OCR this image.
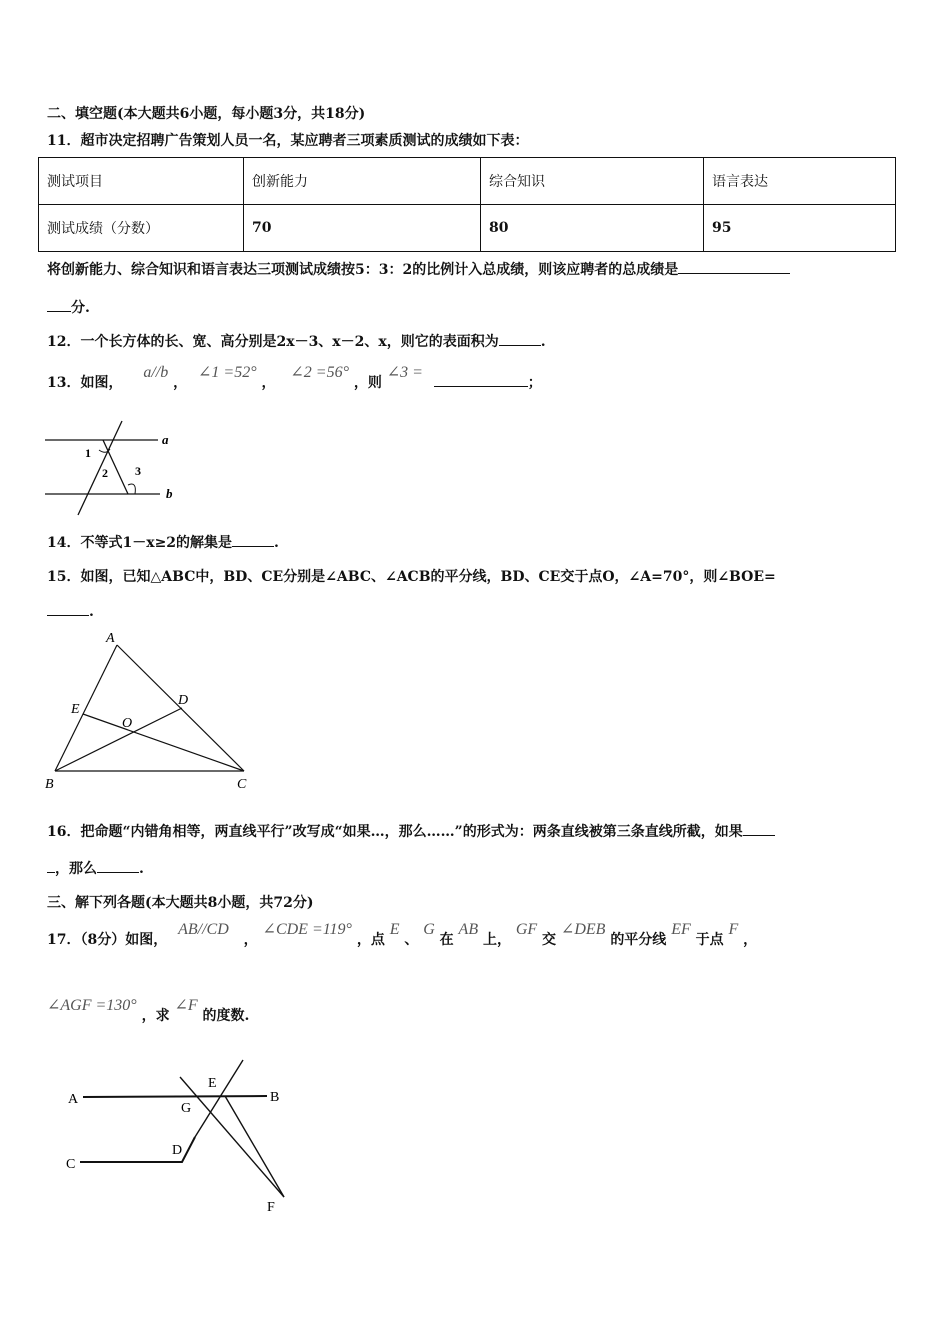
二、填空题(本大题共6小题，每小题3分，共18分)
11．超市决定招聘广告策划人员一名，某应聘者三项素质测试的成绩如下表：
测试项目	创新能力	综合知识	语言表达
测试成绩（分数）	70	80	95
将创新能力、综合知识和语言表达三项测试成绩按5：3：2的比例计入总成绩，则该应聘者的总成绩是
分.
12．一个长方体的长、宽、高分别是2x－3、x－2、x，则它的表面积为	.
13．如图， a//b ， ∠1 =52° ， ∠2 =56° ，则 ∠3 = ；
a
b
1
2 3
14．不等式1－x≥2的解集是	.
15．如图，已知△ABC中，BD、CE分别是∠ABC、∠ACB的平分线，BD、CE交于点O，∠A=70°，则∠BOE=
.
A
B	C
D
E
O
16．把命题“内错角相等，两直线平行”改写成“如果…，那么……”的形式为：两条直线被第三条直线所截，如果
，那么	.
三、解下列各题(本大题共8小题，共72分)
17．（8分）如图， AB//CD ， ∠CDE =119° ，点 E 、 G 在 AB 上， GF 交 ∠DEB 的平分线 EF 于点 F ，
∠AGF =130° ，求 ∠F 的度数.
A	B
C
D
E
F
G
